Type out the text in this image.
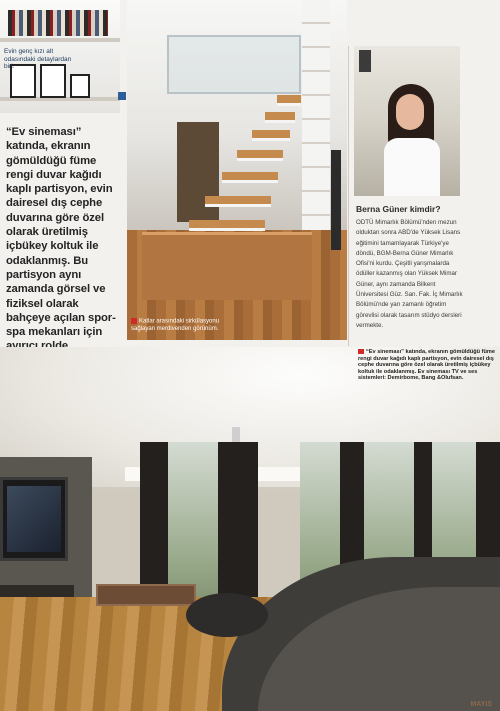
Evin genç kızı alt odasındaki detaylardan biri.
“Ev sineması” katında, ekranın gömüldüğü füme rengi duvar kağıdı kaplı partisyon, evin daireseI dış cephe duvarına göre özel olarak üretilmiş içbükey koltuk ile odaklanmış. Bu partisyon aynı zamanda görsel ve fiziksel olarak bahçeye açılan spor-spa mekanları için
Katlar arasındaki sirkülasyonu sağlayan merdivenden görünüm.
Berna Güner kimdir?
ODTÜ Mimarlık Bölümü'nden mezun olduktan sonra ABD'de Yüksek Lisans eğitimini tamamlayarak Türkiye'ye döndü, BGM-Berna Güner Mimarlık Ofisi'ni kurdu. Çeşitli yarışmalarda ödüller kazanmış olan Yüksek Mimar Güner, aynı zamanda Bilkent Üniversitesi Güz. San. Fak. İç Mimarlık Bölümü'nde yarı zamanlı öğretim görevlisi olarak tasarım stüdyo dersleri vermekte.
“Ev sineması” katında, ekranın gömüldüğü füme rengi duvar kağıdı kaplı partisyon, evin dairesel dış cephe duvarına göre özel olarak üretilmiş içbükey koltuk ile odaklanmış. Ev sineması TV ve ses sistemleri: Demirbome, Bang &Olufsan.
MAYIS
